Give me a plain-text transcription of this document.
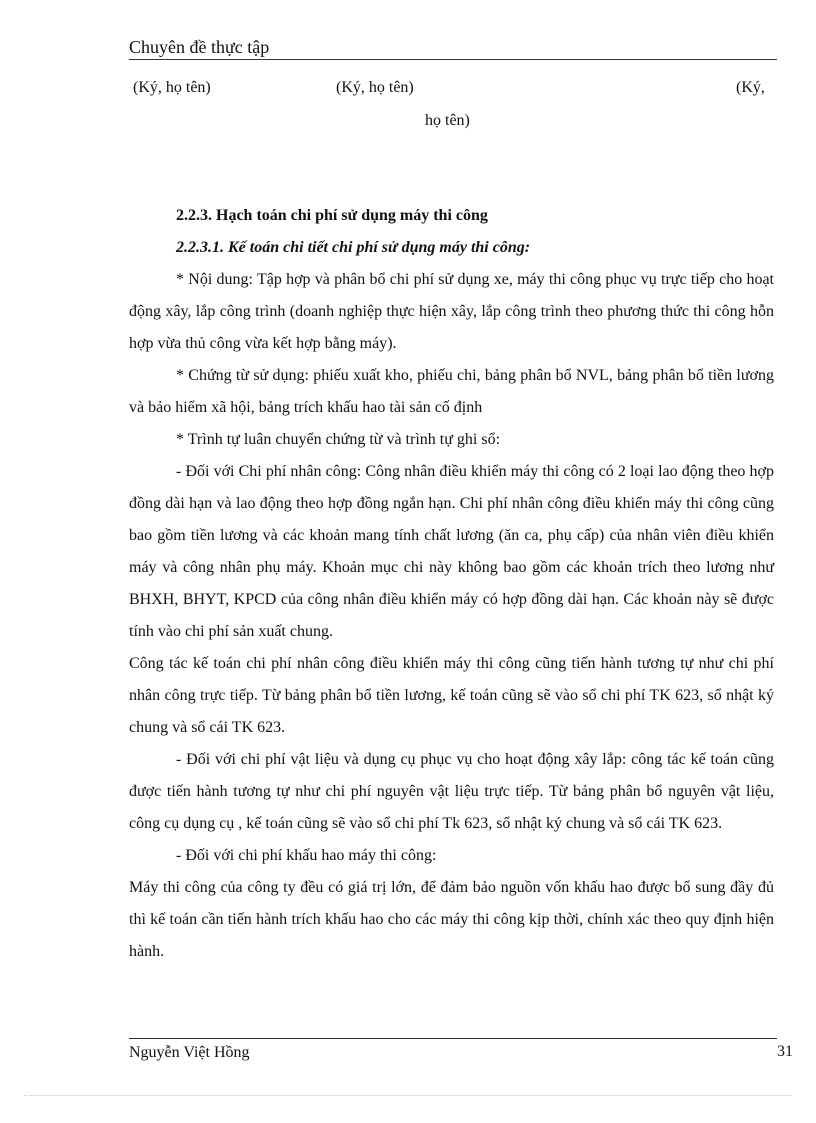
Chuyên đề thực tập
(Ký, họ tên)	(Ký, họ tên)	(Ký,
họ tên)

2.2.3. Hạch toán chi phí sử dụng máy thi công

2.2.3.1. Kế toán chi tiết chi phí sử dụng máy thi công:

* Nội dung: Tập hợp và phân bổ chi phí sử dụng xe, máy thi công phục vụ trực tiếp cho hoạt động xây, lắp công trình (doanh nghiệp thực hiện xây, lắp công trình theo phương thức thi công hỗn hợp vừa thủ công vừa kết hợp bằng máy).

* Chứng từ sử dụng: phiếu xuất kho, phiếu chi, bảng phân bổ NVL, bảng phân bổ tiền lương và bảo hiểm xã hội, bảng trích khấu hao tài sản cố định

* Trình tự luân chuyển chứng từ và trình tự ghi sổ:

- Đối với Chi phí nhân công: Công nhân điều khiển máy thi công có 2 loại lao động theo hợp đồng dài hạn và lao động theo hợp đồng ngắn hạn. Chi phí nhân công điều khiển máy thi công cũng bao gồm tiền lương và các khoản mang tính chất lương (ăn ca, phụ cấp) của nhân viên điều khiển máy và công nhân phụ máy. Khoản mục chi này không bao gồm các khoản trích theo lương như BHXH, BHYT, KPCD của công nhân điều khiển máy có hợp đồng dài hạn. Các khoản này sẽ được tính vào chi phí sản xuất chung.

Công tác kế toán chi phí nhân công điều khiển máy thi công cũng tiến hành tương tự như chi phí nhân công trực tiếp. Từ bảng phân bổ tiền lương, kế toán cũng sẽ vào sổ chi phí TK 623, sổ nhật ký chung và sổ cái TK 623.

- Đối với chi phí vật liệu và dụng cụ phục vụ cho hoạt động xây lắp: công tác kế toán cũng được tiến hành tương tự như chi phí nguyên vật liệu trực tiếp. Từ bảng phân bổ nguyên vật liệu, công cụ dụng cụ , kế toán cũng sẽ vào sổ chi phí Tk 623, sổ nhật ký chung và sổ cái TK 623.

- Đối với chi phí khấu hao máy thi công:

Máy thi công của công ty đều có giá trị lớn, để đảm bảo nguồn vốn khấu hao được bổ sung đầy đủ thì kế toán cần tiến hành trích khấu hao cho các máy thi công kịp thời, chính xác theo quy định hiện hành.

Nguyễn Việt Hồng	31
